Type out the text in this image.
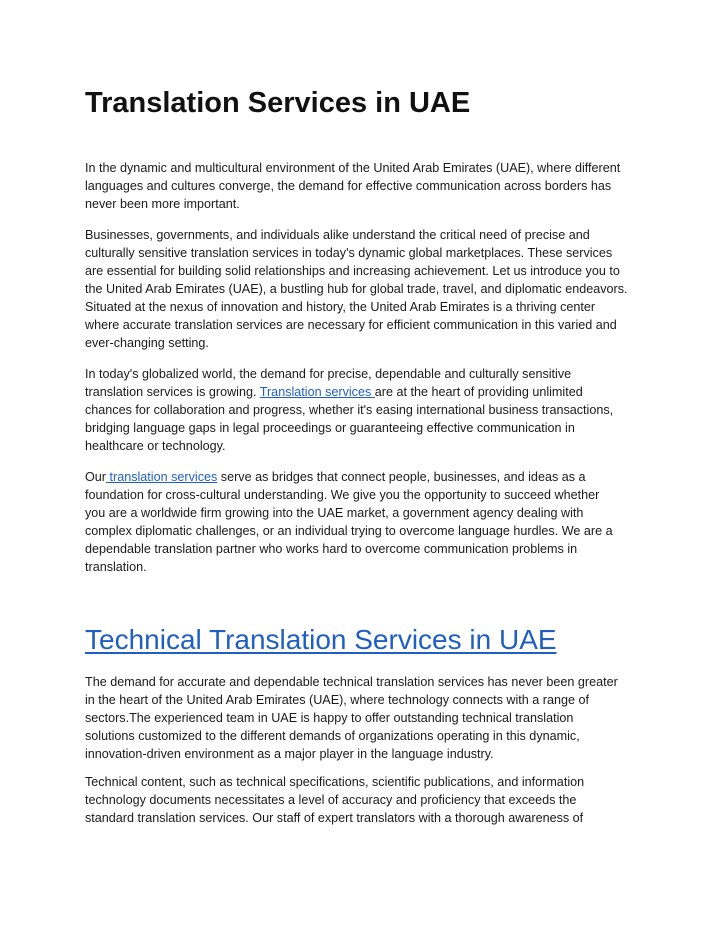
Translation Services in UAE

In the dynamic and multicultural environment of the United Arab Emirates (UAE), where different
languages and cultures converge, the demand for effective communication across borders has
never been more important.

Businesses, governments, and individuals alike understand the critical need of precise and
culturally sensitive translation services in today's dynamic global marketplaces. These services
are essential for building solid relationships and increasing achievement. Let us introduce you to
the United Arab Emirates (UAE), a bustling hub for global trade, travel, and diplomatic endeavors.
Situated at the nexus of innovation and history, the United Arab Emirates is a thriving center
where accurate translation services are necessary for efficient communication in this varied and
ever-changing setting.

In today's globalized world, the demand for precise, dependable and culturally sensitive
translation services is growing. Translation services are at the heart of providing unlimited
chances for collaboration and progress, whether it's easing international business transactions,
bridging language gaps in legal proceedings or guaranteeing effective communication in
healthcare or technology.

Our translation services serve as bridges that connect people, businesses, and ideas as a
foundation for cross-cultural understanding. We give you the opportunity to succeed whether
you are a worldwide firm growing into the UAE market, a government agency dealing with
complex diplomatic challenges, or an individual trying to overcome language hurdles. We are a
dependable translation partner who works hard to overcome communication problems in
translation.

Technical Translation Services in UAE

The demand for accurate and dependable technical translation services has never been greater
in the heart of the United Arab Emirates (UAE), where technology connects with a range of
sectors.The experienced team in UAE is happy to offer outstanding technical translation
solutions customized to the different demands of organizations operating in this dynamic,
innovation-driven environment as a major player in the language industry.

Technical content, such as technical specifications, scientific publications, and information
technology documents necessitates a level of accuracy and proficiency that exceeds the
standard translation services. Our staff of expert translators with a thorough awareness of
